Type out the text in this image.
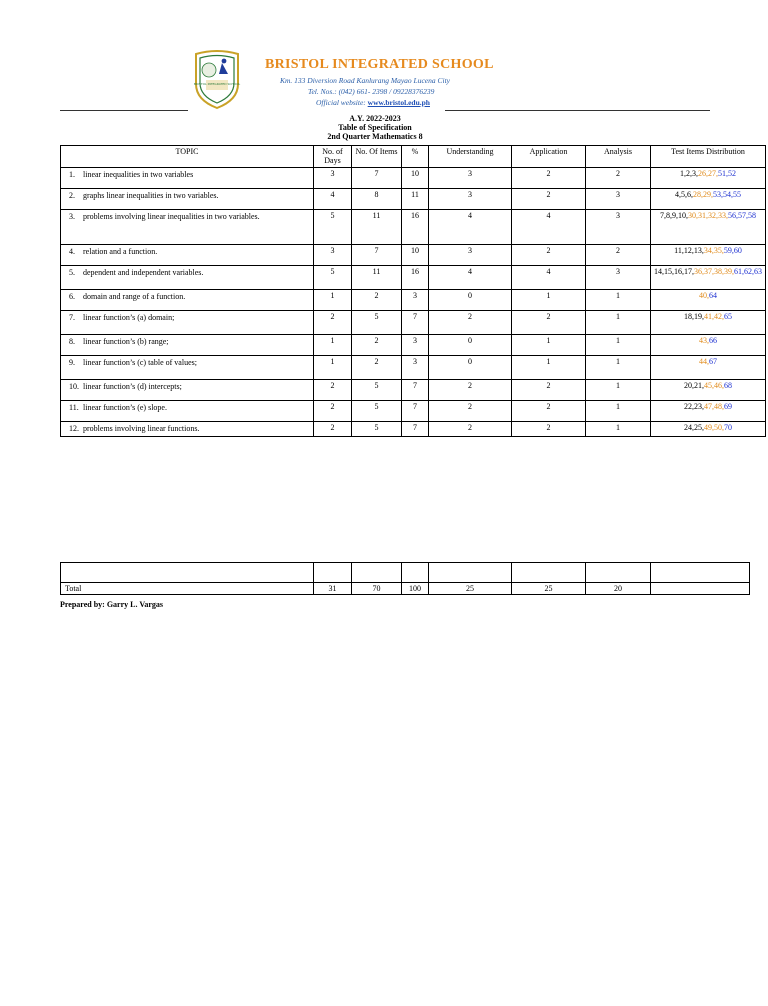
BRISTOL INTEGRATED SCHOOL
BRISTOL INTEGRATED SCHOOL
Km. 133 Diversion Road Kanlurang Mayao Lucena City
Tel. Nos.: (042) 661- 2398 / 09228376239
Official website: www.bristol.edu.ph
A.Y. 2022-2023
Table of Specification
2nd Quarter Mathematics 8
TOPIC	No. of Days	No. Of Items	%	Understanding	Application	Analysis	Test Items Distribution
1. linear inequalities in two variables	3	7	10	3	2	2	1,2,3,26,27,51,52
2. graphs linear inequalities in two variables.	4	8	11	3	2	3	4,5,6,28,29,53,54,55
3. problems involving linear inequalities in two variables.	5	11	16	4	4	3	7,8,9,10,30,31,32,33,56,57,58
4. relation and a function.	3	7	10	3	2	2	11,12,13,34,35,59,60
5. dependent and independent variables.	5	11	16	4	4	3	14,15,16,17,36,37,38,39,61,62,63
6. domain and range of a function.	1	2	3	0	1	1	40,64
7. linear function’s (a) domain;	2	5	7	2	2	1	18,19,41,42,65
8. linear function’s (b) range;	1	2	3	0	1	1	43,66
9. linear function’s (c) table of values;	1	2	3	0	1	1	44,67
10. linear function’s (d) intercepts;	2	5	7	2	2	1	20,21,45,46,68
11. linear function’s (e) slope.	2	5	7	2	2	1	22,23,47,48,69
12. problems involving linear functions.	2	5	7	2	2	1	24,25,49,50,70

Total	31	70	100	25	25	20	
Prepared by: Garry L. Vargas
